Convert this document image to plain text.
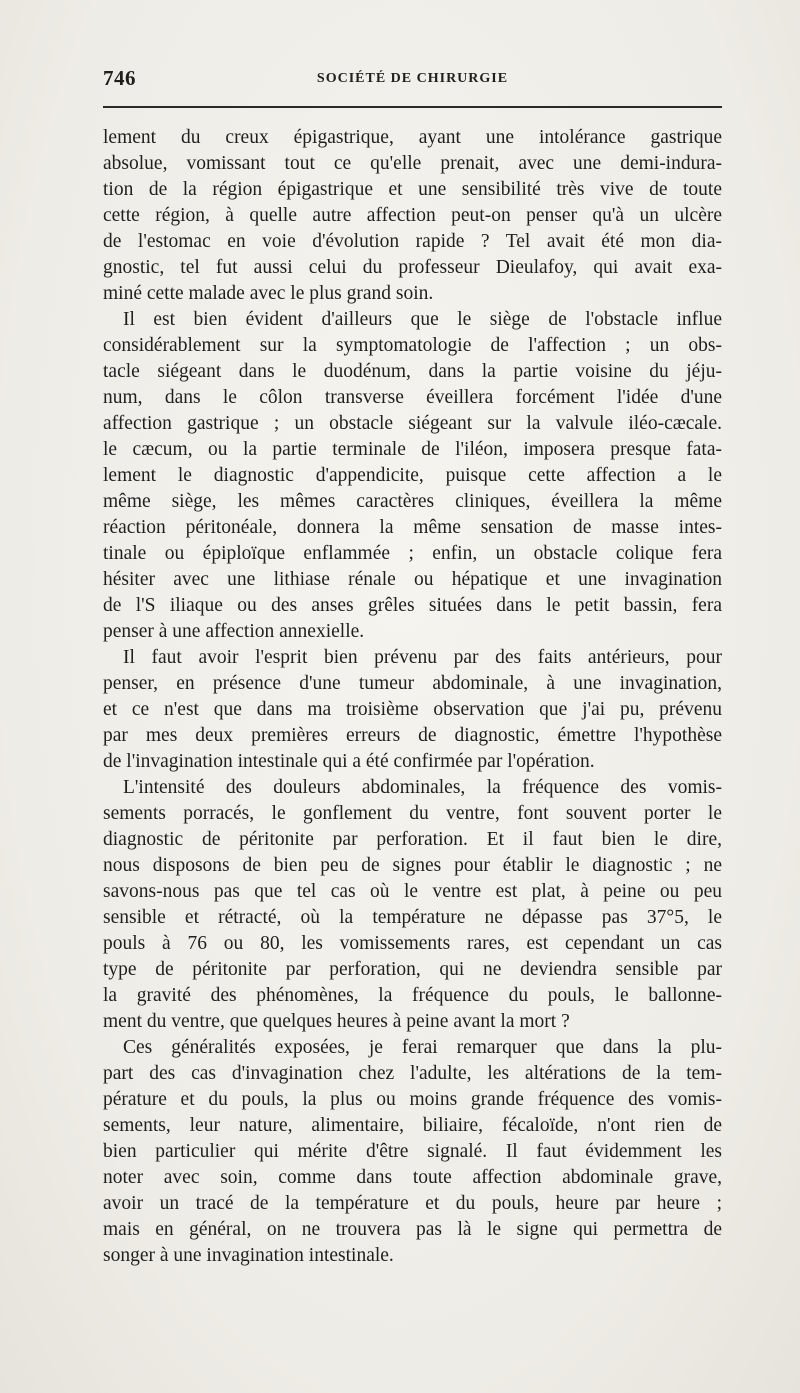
746	SOCIÉTÉ DE CHIRURGIE

lement du creux épigastrique, ayant une intolérance gastrique
absolue, vomissant tout ce qu'elle prenait, avec une demi-indura-
tion de la région épigastrique et une sensibilité très vive de toute
cette région, à quelle autre affection peut-on penser qu'à un ulcère
de l'estomac en voie d'évolution rapide ? Tel avait été mon dia-
gnostic, tel fut aussi celui du professeur Dieulafoy, qui avait exa-
miné cette malade avec le plus grand soin.

Il est bien évident d'ailleurs que le siège de l'obstacle influe
considérablement sur la symptomatologie de l'affection ; un obs-
tacle siégeant dans le duodénum, dans la partie voisine du jéju-
num, dans le côlon transverse éveillera forcément l'idée d'une
affection gastrique ; un obstacle siégeant sur la valvule iléo-cæcale.
le cæcum, ou la partie terminale de l'iléon, imposera presque fata-
lement le diagnostic d'appendicite, puisque cette affection a le
même siège, les mêmes caractères cliniques, éveillera la même
réaction péritonéale, donnera la même sensation de masse intes-
tinale ou épiploïque enflammée ; enfin, un obstacle colique fera
hésiter avec une lithiase rénale ou hépatique et une invagination
de l'S iliaque ou des anses grêles situées dans le petit bassin, fera
penser à une affection annexielle.

Il faut avoir l'esprit bien prévenu par des faits antérieurs, pour
penser, en présence d'une tumeur abdominale, à une invagination,
et ce n'est que dans ma troisième observation que j'ai pu, prévenu
par mes deux premières erreurs de diagnostic, émettre l'hypothèse
de l'invagination intestinale qui a été confirmée par l'opération.

L'intensité des douleurs abdominales, la fréquence des vomis-
sements porracés, le gonflement du ventre, font souvent porter le
diagnostic de péritonite par perforation. Et il faut bien le dire,
nous disposons de bien peu de signes pour établir le diagnostic ; ne
savons-nous pas que tel cas où le ventre est plat, à peine ou peu
sensible et rétracté, où la température ne dépasse pas 37°5, le
pouls à 76 ou 80, les vomissements rares, est cependant un cas
type de péritonite par perforation, qui ne deviendra sensible par
la gravité des phénomènes, la fréquence du pouls, le ballonne-
ment du ventre, que quelques heures à peine avant la mort ?

Ces généralités exposées, je ferai remarquer que dans la plu-
part des cas d'invagination chez l'adulte, les altérations de la tem-
pérature et du pouls, la plus ou moins grande fréquence des vomis-
sements, leur nature, alimentaire, biliaire, fécaloïde, n'ont rien de
bien particulier qui mérite d'être signalé. Il faut évidemment les
noter avec soin, comme dans toute affection abdominale grave,
avoir un tracé de la température et du pouls, heure par heure ;
mais en général, on ne trouvera pas là le signe qui permettra de
songer à une invagination intestinale.
